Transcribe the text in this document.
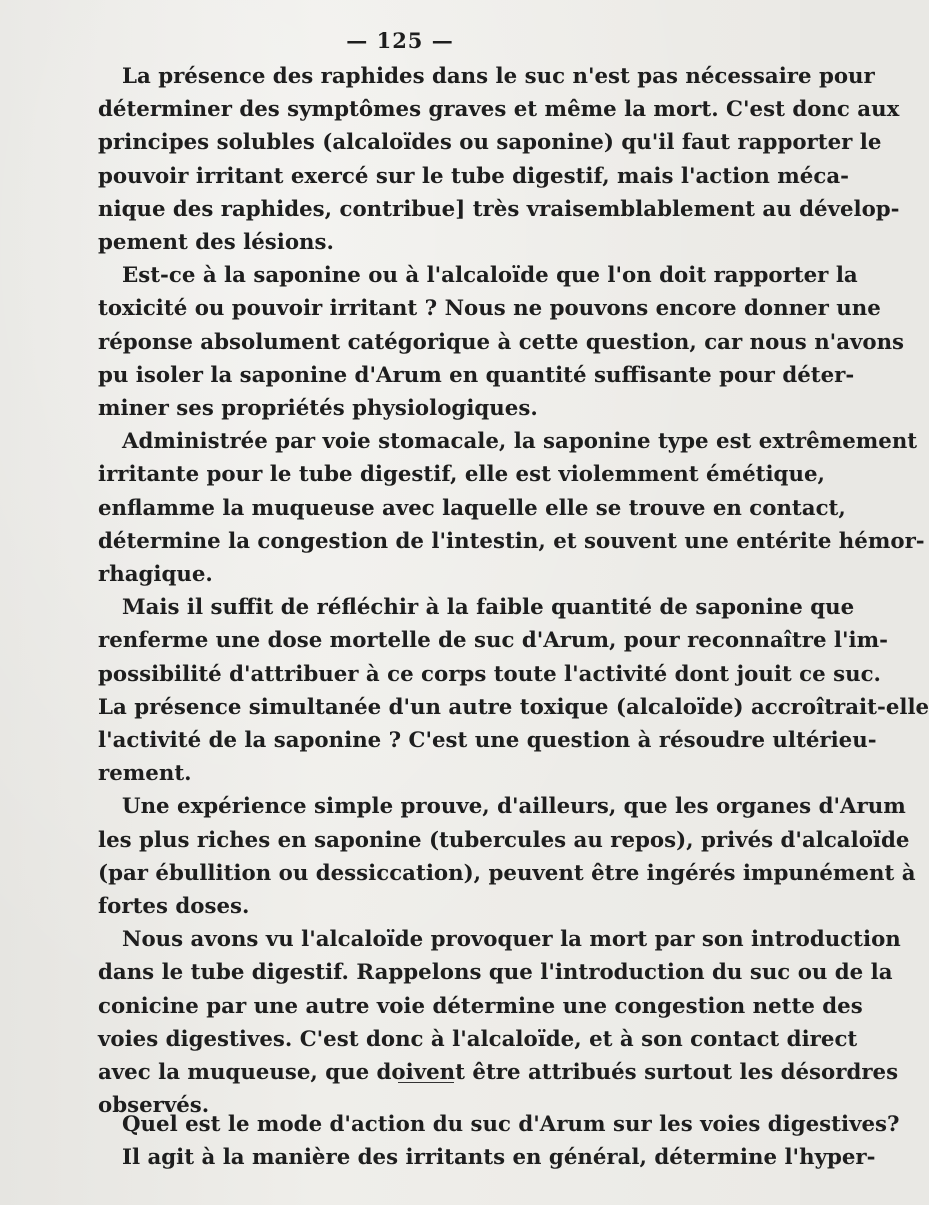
— 125 —
La présence des raphides dans le suc n'est pas nécessaire pour
déterminer des symptômes graves et même la mort. C'est donc aux
principes solubles (alcaloïdes ou saponine) qu'il faut rapporter le
pouvoir irritant exercé sur le tube digestif, mais l'action méca-
nique des raphides, contribue] très vraisemblablement au dévelop-
pement des lésions.
Est-ce à la saponine ou à l'alcaloïde que l'on doit rapporter la
toxicité ou pouvoir irritant ? Nous ne pouvons encore donner une
réponse absolument catégorique à cette question, car nous n'avons
pu isoler la saponine d'Arum en quantité suffisante pour déter-
miner ses propriétés physiologiques.
Administrée par voie stomacale, la saponine type est extrêmement
irritante pour le tube digestif, elle est violemment émétique,
enflamme la muqueuse avec laquelle elle se trouve en contact,
détermine la congestion de l'intestin, et souvent une entérite hémor-
rhagique.
Mais il suffit de réfléchir à la faible quantité de saponine que
renferme une dose mortelle de suc d'Arum, pour reconnaître l'im-
possibilité d'attribuer à ce corps toute l'activité dont jouit ce suc.
La présence simultanée d'un autre toxique (alcaloïde) accroîtrait-elle
l'activité de la saponine ? C'est une question à résoudre ultérieu-
rement.
Une expérience simple prouve, d'ailleurs, que les organes d'Arum
les plus riches en saponine (tubercules au repos), privés d'alcaloïde
(par ébullition ou dessiccation), peuvent être ingérés impunément à
fortes doses.
Nous avons vu l'alcaloïde provoquer la mort par son introduction
dans le tube digestif. Rappelons que l'introduction du suc ou de la
conicine par une autre voie détermine une congestion nette des
voies digestives. C'est donc à l'alcaloïde, et à son contact direct
avec la muqueuse, que doivent être attribués surtout les désordres
observés.
Quel est le mode d'action du suc d'Arum sur les voies digestives?
Il agit à la manière des irritants en général, détermine l'hyper-
